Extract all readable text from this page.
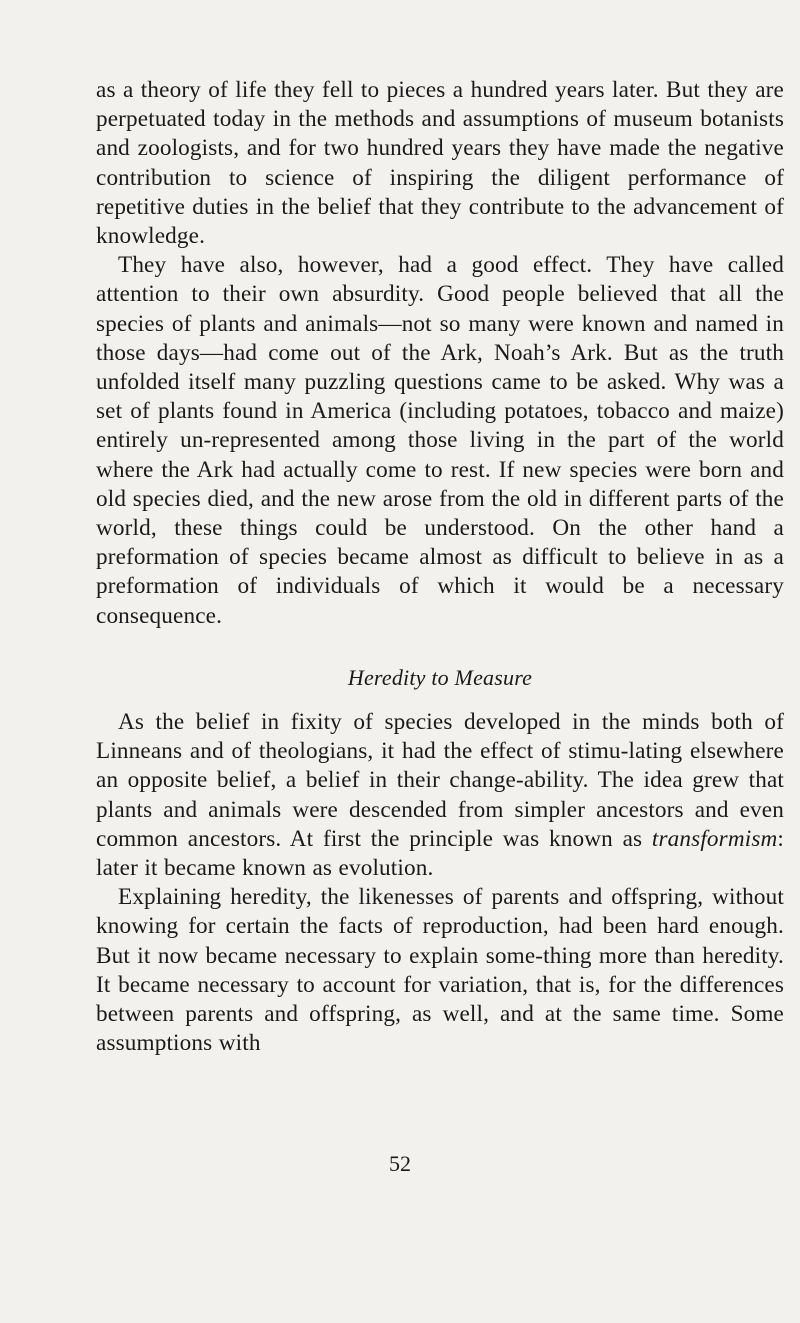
as a theory of life they fell to pieces a hundred years later. But they are perpetuated today in the methods and assumptions of museum botanists and zoologists, and for two hundred years they have made the negative contribution to science of inspiring the diligent performance of repetitive duties in the belief that they contribute to the advancement of knowledge.

They have also, however, had a good effect. They have called attention to their own absurdity. Good people believed that all the species of plants and animals—not so many were known and named in those days—had come out of the Ark, Noah’s Ark. But as the truth unfolded itself many puzzling questions came to be asked. Why was a set of plants found in America (including potatoes, tobacco and maize) entirely un-represented among those living in the part of the world where the Ark had actually come to rest. If new species were born and old species died, and the new arose from the old in different parts of the world, these things could be understood. On the other hand a preformation of species became almost as difficult to believe in as a preformation of individuals of which it would be a necessary consequence.

Heredity to Measure

As the belief in fixity of species developed in the minds both of Linneans and of theologians, it had the effect of stimu-lating elsewhere an opposite belief, a belief in their change-ability. The idea grew that plants and animals were descended from simpler ancestors and even common ancestors. At first the principle was known as transformism: later it became known as evolution.

Explaining heredity, the likenesses of parents and offspring, without knowing for certain the facts of reproduction, had been hard enough. But it now became necessary to explain some-thing more than heredity. It became necessary to account for variation, that is, for the differences between parents and offspring, as well, and at the same time. Some assumptions with

52
